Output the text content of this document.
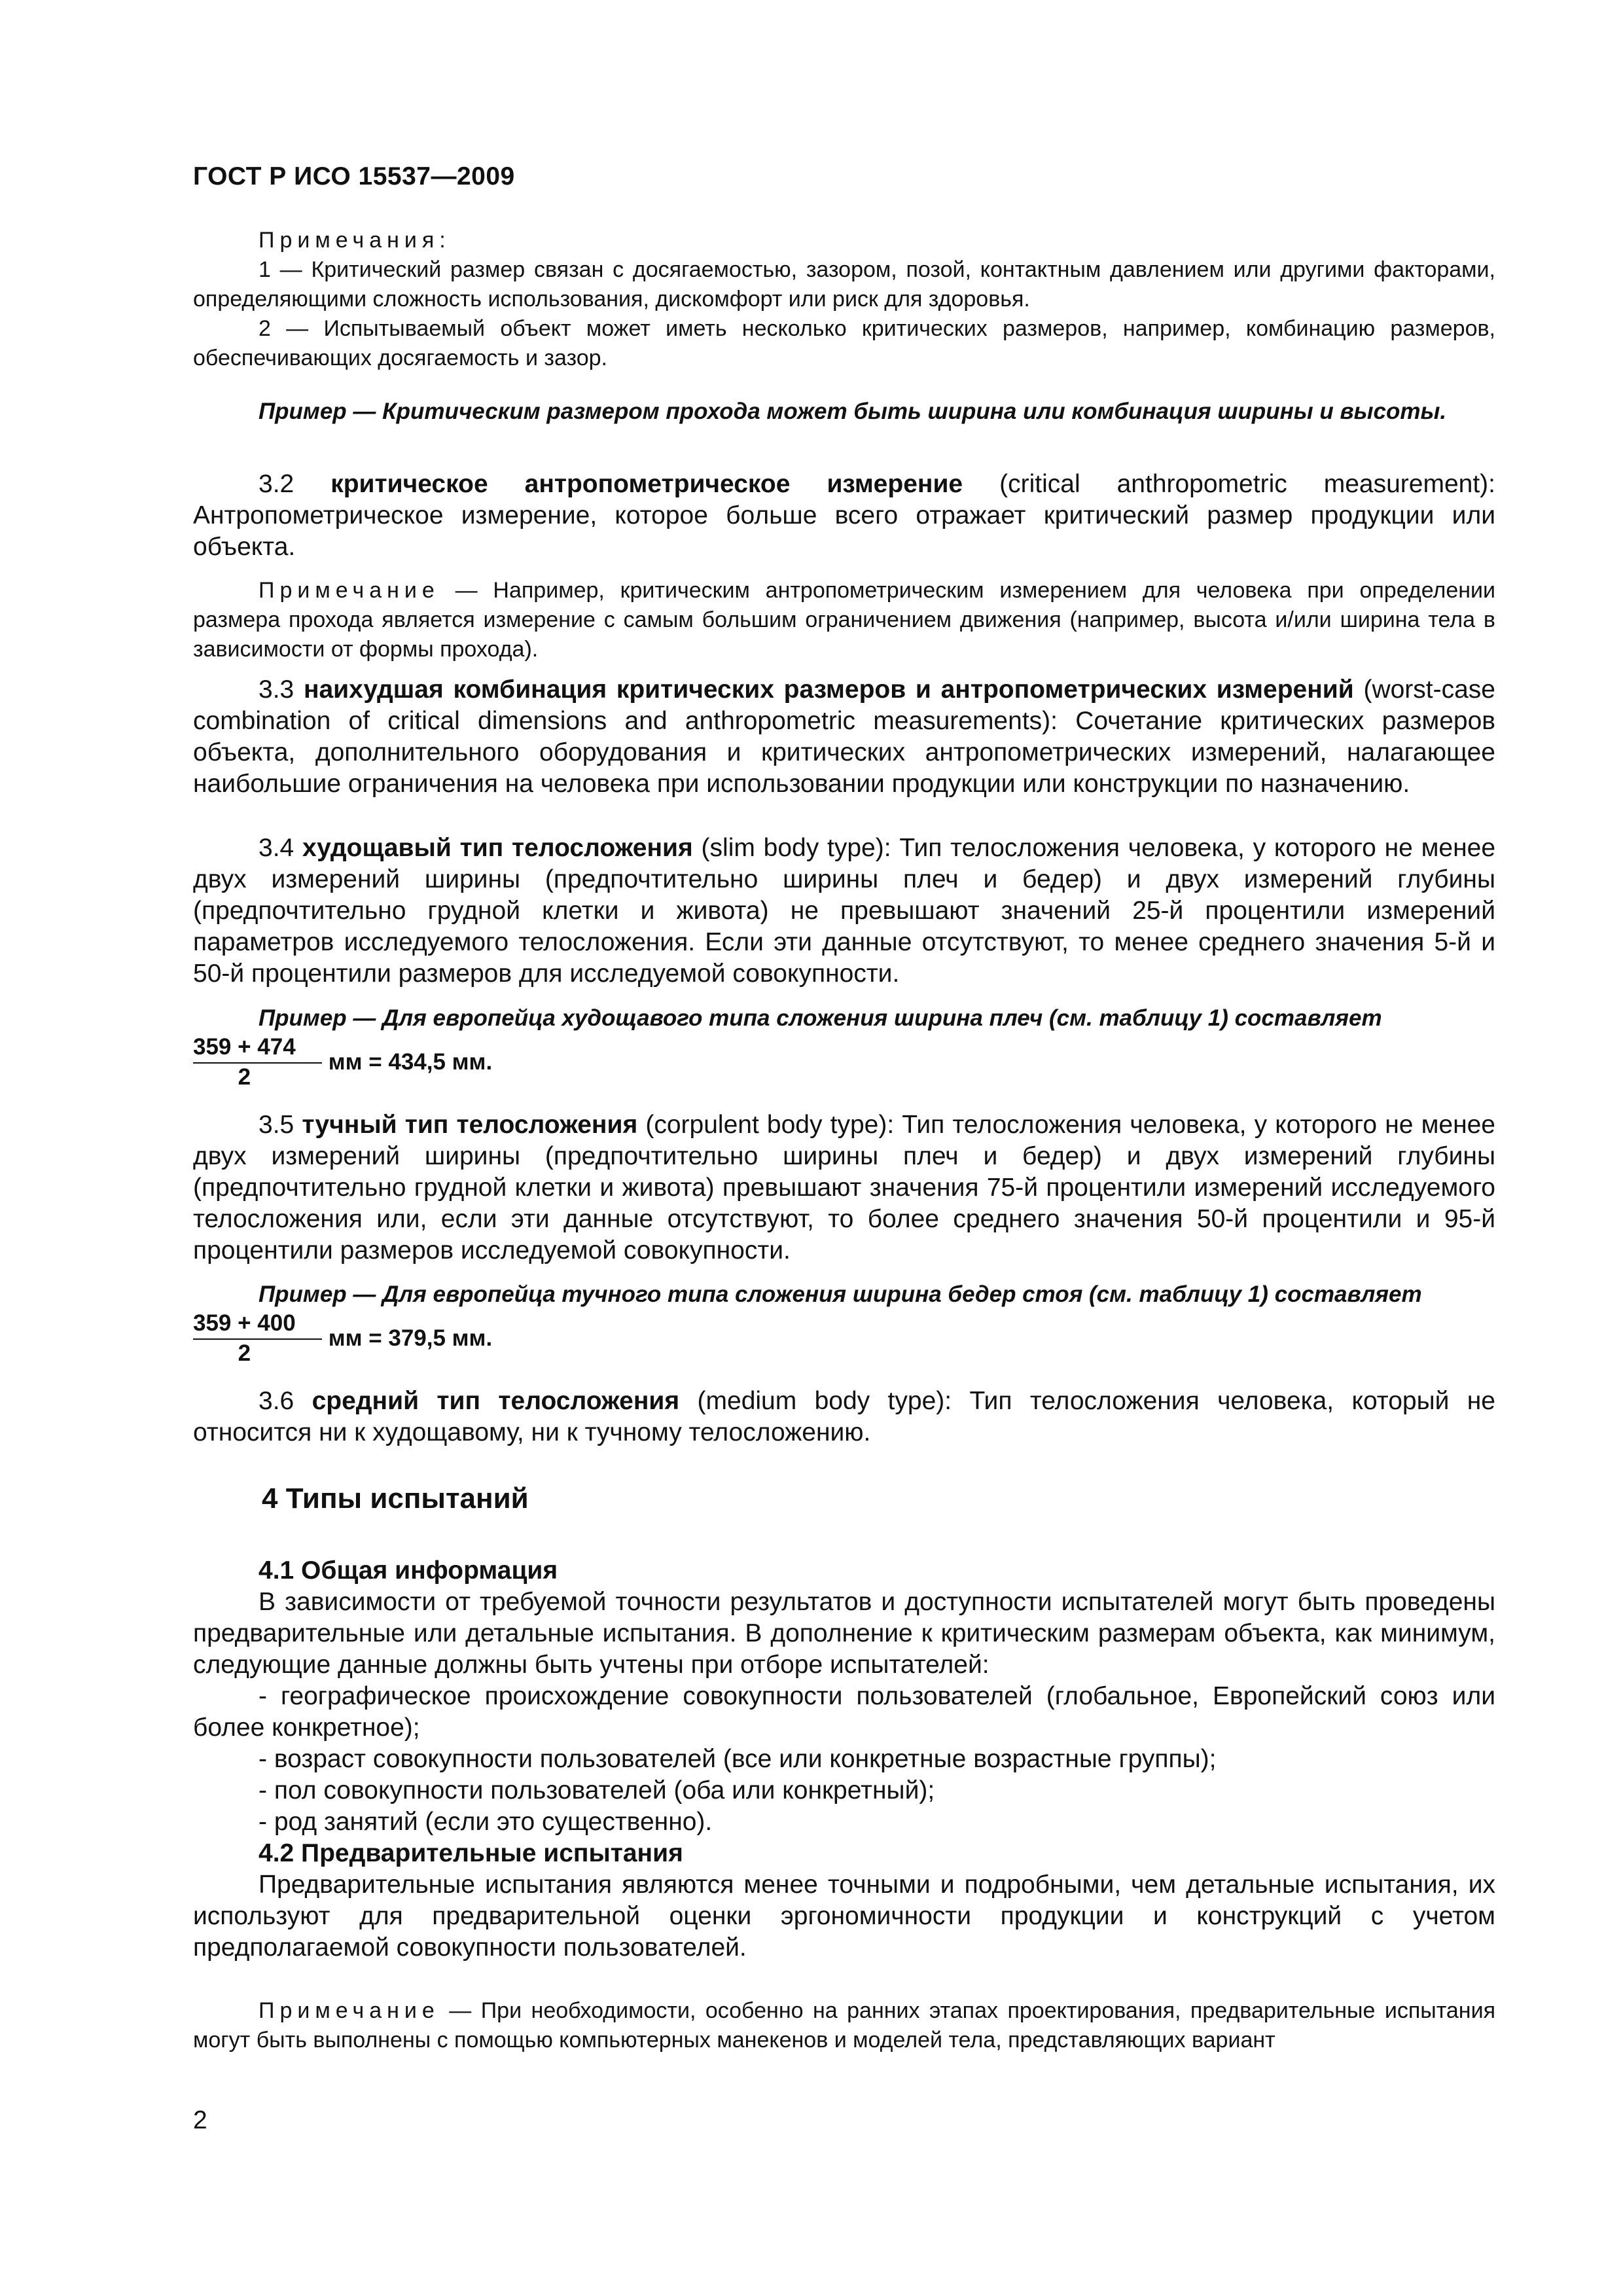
ГОСТ Р ИСО 15537—2009

Примечания:

1 — Критический размер связан с досягаемостью, зазором, позой, контактным давлением или другими факторами, определяющими сложность использования, дискомфорт или риск для здоровья.

2 — Испытываемый объект может иметь несколько критических размеров, например, комбинацию размеров, обеспечивающих досягаемость и зазор.

Пример — Критическим размером прохода может быть ширина или комбинация ширины и высоты.

3.2 критическое антропометрическое измерение (critical anthropometric measurement): Антропометрическое измерение, которое больше всего отражает критический размер продукции или объекта.

Примечание — Например, критическим антропометрическим измерением для человека при определении размера прохода является измерение с самым большим ограничением движения (например, высота и/или ширина тела в зависимости от формы прохода).

3.3 наихудшая комбинация критических размеров и антропометрических измерений (worst-case combination of critical dimensions and anthropometric measurements): Сочетание критических размеров объекта, дополнительного оборудования и критических антропометрических измерений, налагающее наибольшие ограничения на человека при использовании продукции или конструкции по назначению.

3.4 худощавый тип телосложения (slim body type): Тип телосложения человека, у которого не менее двух измерений ширины (предпочтительно ширины плеч и бедер) и двух измерений глубины (предпочтительно грудной клетки и живота) не превышают значений 25-й процентили измерений параметров исследуемого телосложения. Если эти данные отсутствуют, то менее среднего значения 5-й и 50-й процентили размеров для исследуемой совокупности.

Пример — Для европейца худощавого типа сложения ширина плеч (см. таблицу 1) составляет

$\frac{359 + 474}{2}$ мм = 434,5 мм.

3.5 тучный тип телосложения (corpulent body type): Тип телосложения человека, у которого не менее двух измерений ширины (предпочтительно ширины плеч и бедер) и двух измерений глубины (предпочтительно грудной клетки и живота) превышают значения 75-й процентили измерений исследуемого телосложения или, если эти данные отсутствуют, то более среднего значения 50-й процентили и 95-й процентили размеров исследуемой совокупности.

Пример — Для европейца тучного типа сложения ширина бедер стоя (см. таблицу 1) составляет

$\frac{359 + 400}{2}$ мм = 379,5 мм.

3.6 средний тип телосложения (medium body type): Тип телосложения человека, который не относится ни к худощавому, ни к тучному телосложению.

4 Типы испытаний

4.1 Общая информация

В зависимости от требуемой точности результатов и доступности испытателей могут быть проведены предварительные или детальные испытания. В дополнение к критическим размерам объекта, как минимум, следующие данные должны быть учтены при отборе испытателей:

- географическое происхождение совокупности пользователей (глобальное, Европейский союз или более конкретное);

- возраст совокупности пользователей (все или конкретные возрастные группы);

- пол совокупности пользователей (оба или конкретный);

- род занятий (если это существенно).

4.2 Предварительные испытания

Предварительные испытания являются менее точными и подробными, чем детальные испытания, их используют для предварительной оценки эргономичности продукции и конструкций с учетом предполагаемой совокупности пользователей.

Примечание — При необходимости, особенно на ранних этапах проектирования, предварительные испытания могут быть выполнены с помощью компьютерных манекенов и моделей тела, представляющих вариант

2
